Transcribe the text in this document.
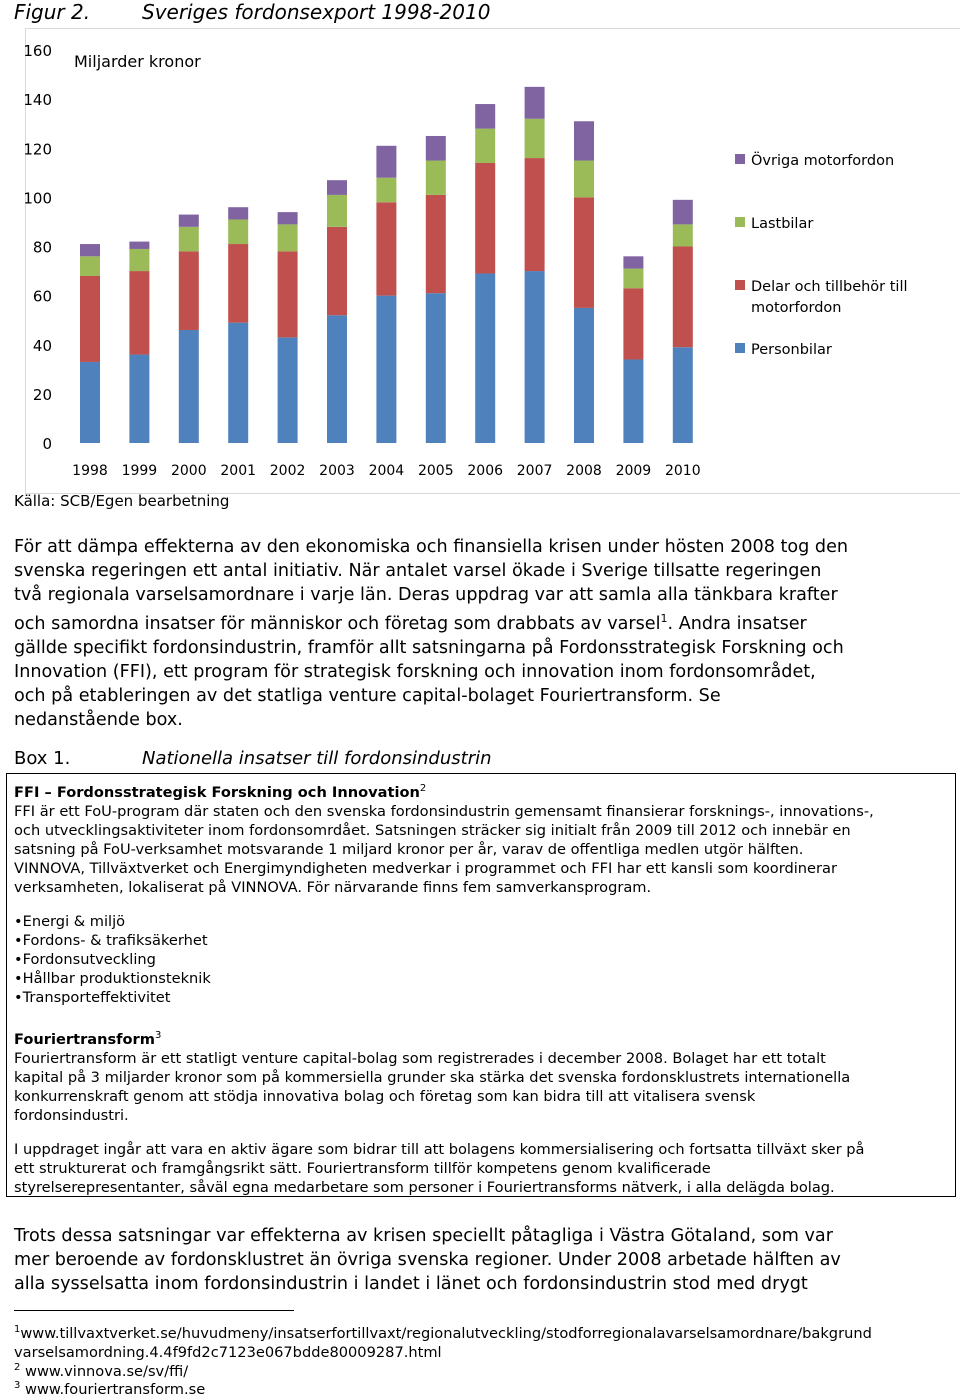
Figur 2.	Sveriges fordonsexport 1998-2010
0
20
40
60
80
100
120
140
160
Miljarder kronor
1998 1999 2000 2001 2002 2003 2004 2005 2006 2007 2008 2009 2010
Övriga motorfordon
Lastbilar
Delar och tillbehör till
motorfordon
Personbilar
Källa: SCB/Egen bearbetning
För att dämpa effekterna av den ekonomiska och finansiella krisen under hösten 2008 tog den
svenska regeringen ett antal initiativ. När antalet varsel ökade i Sverige tillsatte regeringen
två regionala varselsamordnare i varje län. Deras uppdrag var att samla alla tänkbara krafter
och samordna insatser för människor och företag som drabbats av varsel$^1$. Andra insatser
gällde specifikt fordonsindustrin, framför allt satsningarna på Fordonsstrategisk Forskning och
Innovation (FFI), ett program för strategisk forskning och innovation inom fordonsområdet,
och på etableringen av det statliga venture capital-bolaget Fouriertransform. Se
nedanstående box.
Box 1.	Nationella insatser till fordonsindustrin

FFI – Fordonsstrategisk Forskning och Innovation$^2$

FFI är ett FoU-program där staten och den svenska fordonsindustrin gemensamt finansierar forsknings-, innovations-,

och utvecklingsaktiviteter inom fordonsomrdået. Satsningen sträcker sig initialt från 2009 till 2012 och innebär en

satsning på FoU-verksamhet motsvarande 1 miljard kronor per år, varav de offentliga medlen utgör hälften.

VINNOVA, Tillväxtverket och Energimyndigheten medverkar i programmet och FFI har ett kansli som koordinerar

verksamheten, lokaliserat på VINNOVA. För närvarande finns fem samverkansprogram.

• Energi & miljö
• Fordons- & trafiksäkerhet
• Fordonsutveckling
• Hållbar produktionsteknik
• Transporteffektivitet

Fouriertransform$^3$

Fouriertransform är ett statligt venture capital-bolag som registrerades i december 2008. Bolaget har ett totalt

kapital på 3 miljarder kronor som på kommersiella grunder ska stärka det svenska fordonsklustrets internationella

konkurrenskraft genom att stödja innovativa bolag och företag som kan bidra till att vitalisera svensk

fordonsindustri.

I uppdraget ingår att vara en aktiv ägare som bidrar till att bolagens kommersialisering och fortsatta tillväxt sker på

ett strukturerat och framgångsrikt sätt. Fouriertransform tillför kompetens genom kvalificerade

styrelserepresentanter, såväl egna medarbetare som personer i Fouriertransforms nätverk, i alla delägda bolag.

Trots dessa satsningar var effekterna av krisen speciellt påtagliga i Västra Götaland, som var
mer beroende av fordonsklustret än övriga svenska regioner. Under 2008 arbetade hälften av
alla sysselsatta inom fordonsindustrin i landet i länet och fordonsindustrin stod med drygt
$^1$www.tillvaxtverket.se/huvudmeny/insatserfortillvaxt/regionalutveckling/stodforregionalavarselsamordnare/bakgrund
varselsamordning.4.4f9fd2c7123e067bdde80009287.html
$^2$ www.vinnova.se/sv/ffi/
$^3$ www.fouriertransform.se
